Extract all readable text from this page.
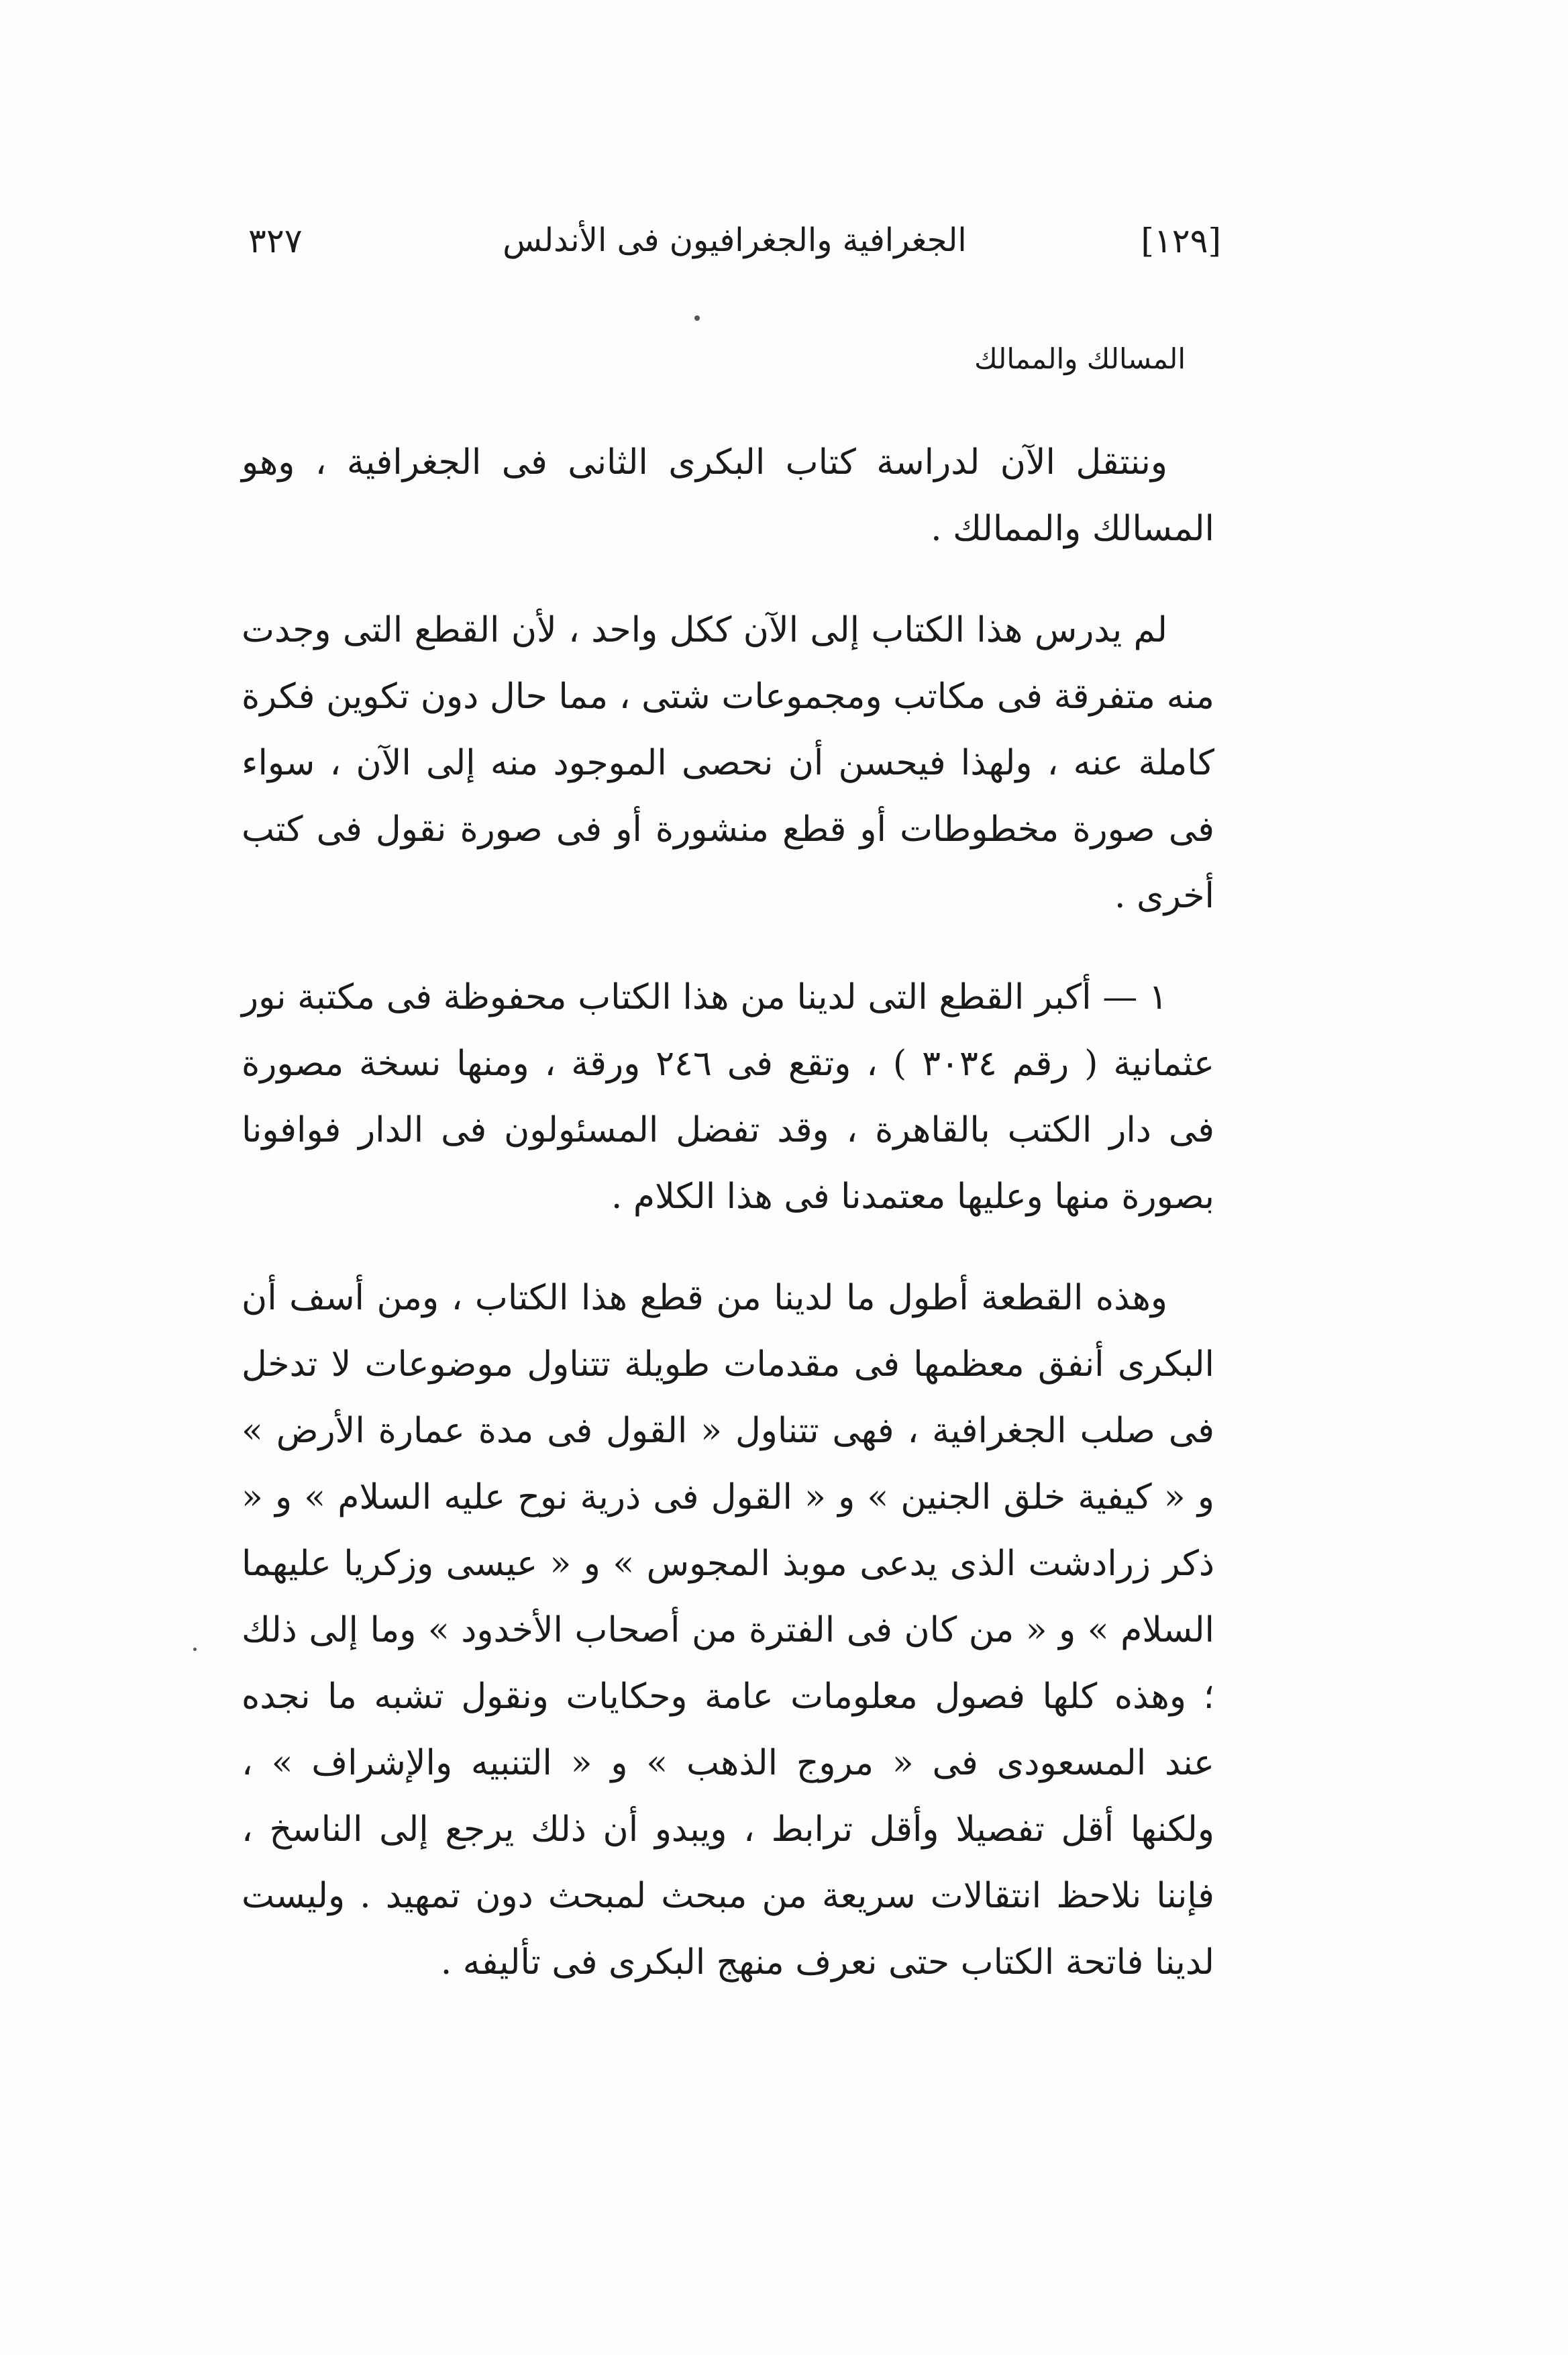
[١٢٩]
الجغرافية والجغرافيون فى الأندلس
٣٢٧
المسالك والممالك

وننتقل الآن لدراسة كتاب البكرى الثانى فى الجغرافية ، وهو المسالك والممالك .

لم يدرس هذا الكتاب إلى الآن ككل واحد ، لأن القطع التى وجدت منه متفرقة فى مكاتب ومجموعات شتى ، مما حال دون تكوين فكرة كاملة عنه ، ولهذا فيحسن أن نحصى الموجود منه إلى الآن ، سواء فى صورة مخطوطات أو قطع منشورة أو فى صورة نقول فى كتب أخرى .

١ — أكبر القطع التى لدينا من هذا الكتاب محفوظة فى مكتبة نور عثمانية ( رقم ٣٠٣٤ ) ، وتقع فى ٢٤٦ ورقة ، ومنها نسخة مصورة فى دار الكتب بالقاهرة ، وقد تفضل المسئولون فى الدار فوافونا بصورة منها وعليها معتمدنا فى هذا الكلام .

وهذه القطعة أطول ما لدينا من قطع هذا الكتاب ، ومن أسف أن البكرى أنفق معظمها فى مقدمات طويلة تتناول موضوعات لا تدخل فى صلب الجغرافية ، فهى تتناول « القول فى مدة عمارة الأرض » و « كيفية خلق الجنين » و « القول فى ذرية نوح عليه السلام » و « ذكر زرادشت الذى يدعى موبذ المجوس » و « عيسى وزكريا عليهما السلام » و « من كان فى الفترة من أصحاب الأخدود » وما إلى ذلك ؛ وهذه كلها فصول معلومات عامة وحكايات ونقول تشبه ما نجده عند المسعودى فى « مروج الذهب » و « التنبيه والإشراف » ، ولكنها أقل تفصيلا وأقل ترابط ، ويبدو أن ذلك يرجع إلى الناسخ ، فإننا نلاحظ انتقالات سريعة من مبحث لمبحث دون تمهيد . وليست لدينا فاتحة الكتاب حتى نعرف منهج البكرى فى تأليفه .
